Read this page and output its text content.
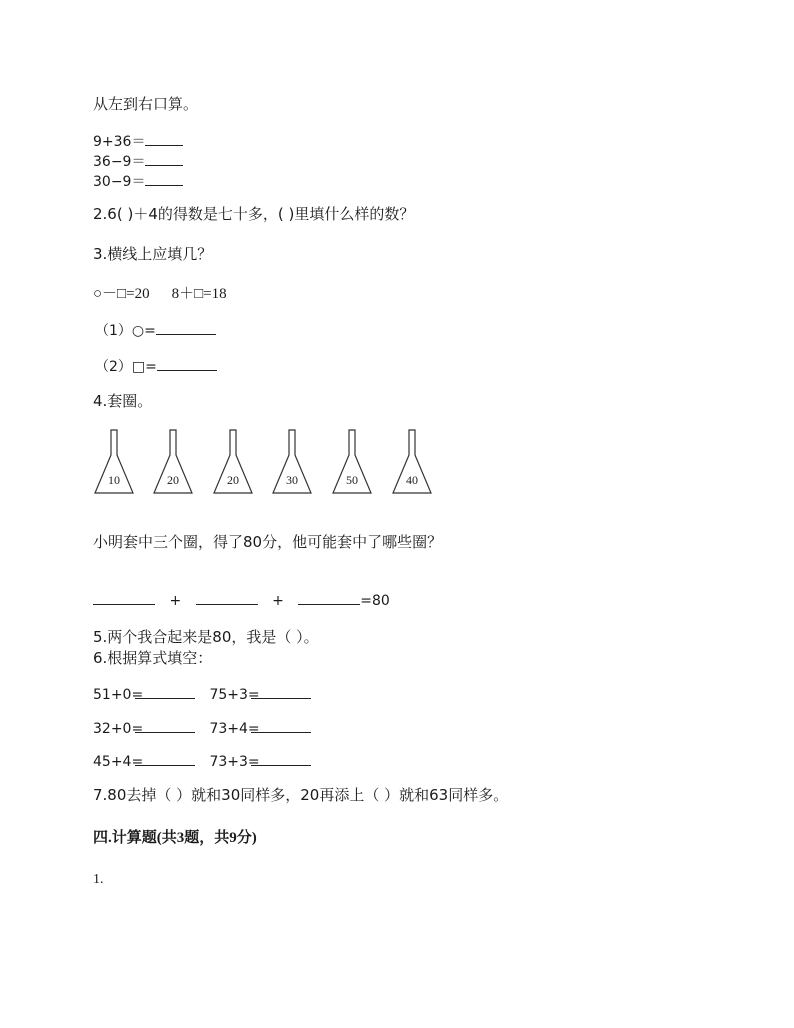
从左到右口算。
9+36＝
36−9＝
30−9＝
2.6( )＋4的得数是七十多，( )里填什么样的数？
3.横线上应填几？
○－□=20 8＋□=18
（1）○=
（2）□=
4.套圈。
10	20	20	30	50	40
小明套中三个圈，得了80分，他可能套中了哪些圈？
+	+	=80
5.两个我合起来是80，我是（ ）。
6.根据算式填空：
51+0=	75+3=
32+0=	73+4=
45+4=	73+3=
7.80去掉（ ）就和30同样多，20再添上（ ）就和63同样多。
四.计算题(共3题，共9分)
1.
